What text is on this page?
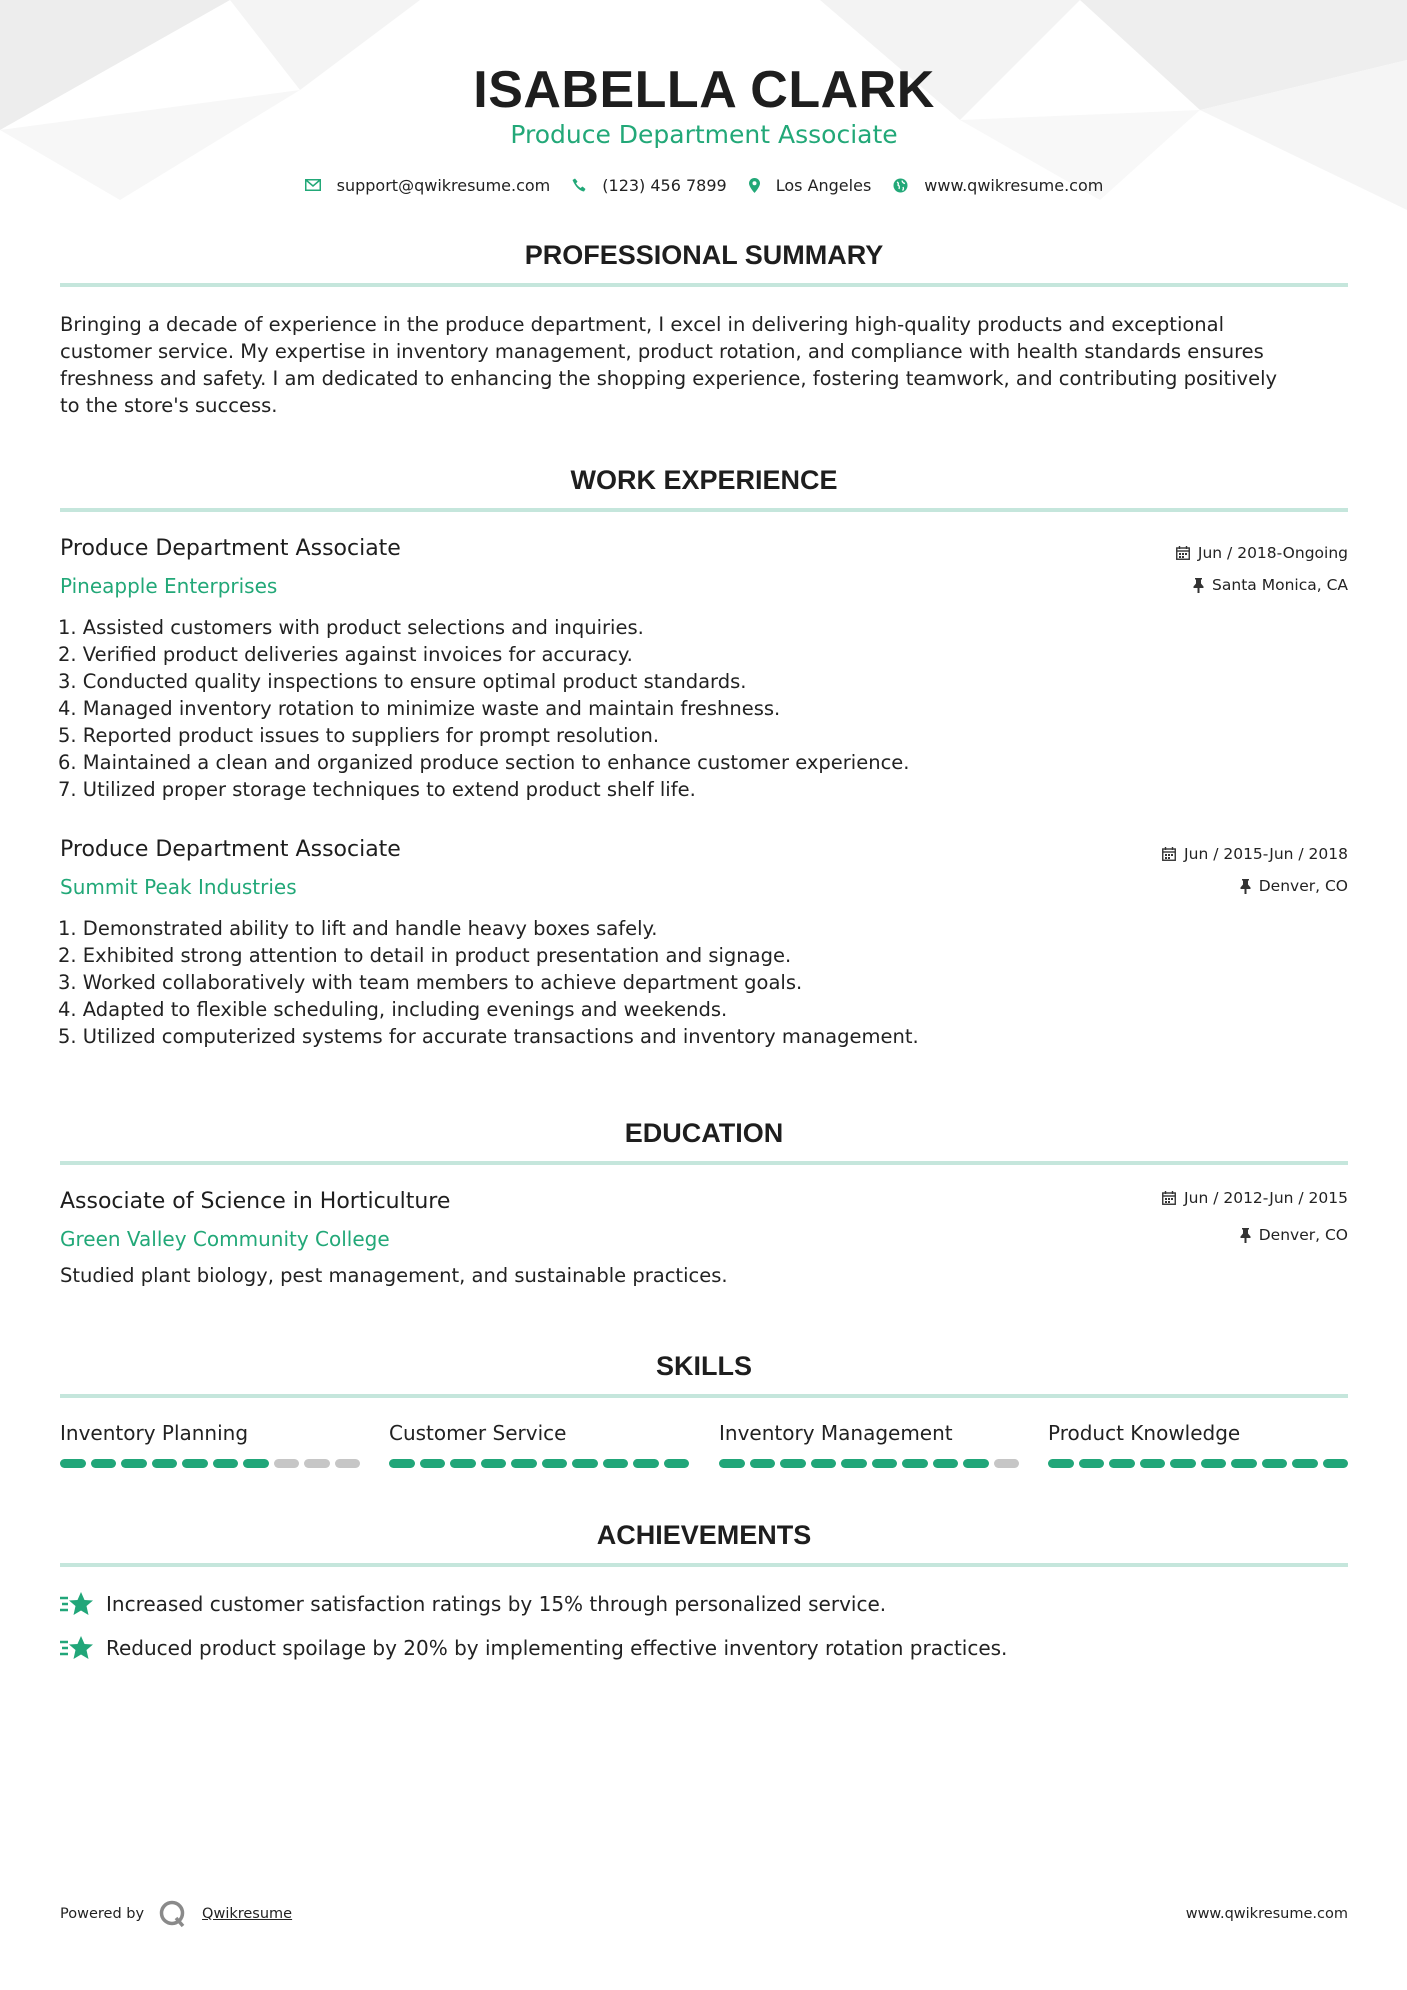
ISABELLA CLARK
Produce Department Associate
support@qwikresume.com	(123) 456 7899	Los Angeles	www.qwikresume.com
PROFESSIONAL SUMMARY
Bringing a decade of experience in the produce department, I excel in delivering high-quality products and exceptional
customer service. My expertise in inventory management, product rotation, and compliance with health standards ensures
freshness and safety. I am dedicated to enhancing the shopping experience, fostering teamwork, and contributing positively
to the store's success.
WORK EXPERIENCE
Produce Department Associate
Pineapple Enterprises
Jun / 2018-Ongoing
Santa Monica, CA
1. Assisted customers with product selections and inquiries.
2. Verified product deliveries against invoices for accuracy.
3. Conducted quality inspections to ensure optimal product standards.
4. Managed inventory rotation to minimize waste and maintain freshness.
5. Reported product issues to suppliers for prompt resolution.
6. Maintained a clean and organized produce section to enhance customer experience.
7. Utilized proper storage techniques to extend product shelf life.
Produce Department Associate
Summit Peak Industries
Jun / 2015-Jun / 2018
Denver, CO
1. Demonstrated ability to lift and handle heavy boxes safely.
2. Exhibited strong attention to detail in product presentation and signage.
3. Worked collaboratively with team members to achieve department goals.
4. Adapted to flexible scheduling, including evenings and weekends.
5. Utilized computerized systems for accurate transactions and inventory management.
EDUCATION
Associate of Science in Horticulture
Green Valley Community College
Jun / 2012-Jun / 2015
Denver, CO
Studied plant biology, pest management, and sustainable practices.
SKILLS
Inventory Planning	Customer Service	Inventory Management	Product Knowledge
ACHIEVEMENTS
Increased customer satisfaction ratings by 15% through personalized service.
Reduced product spoilage by 20% by implementing effective inventory rotation practices.
Powered by	Qwikresume	www.qwikresume.com
